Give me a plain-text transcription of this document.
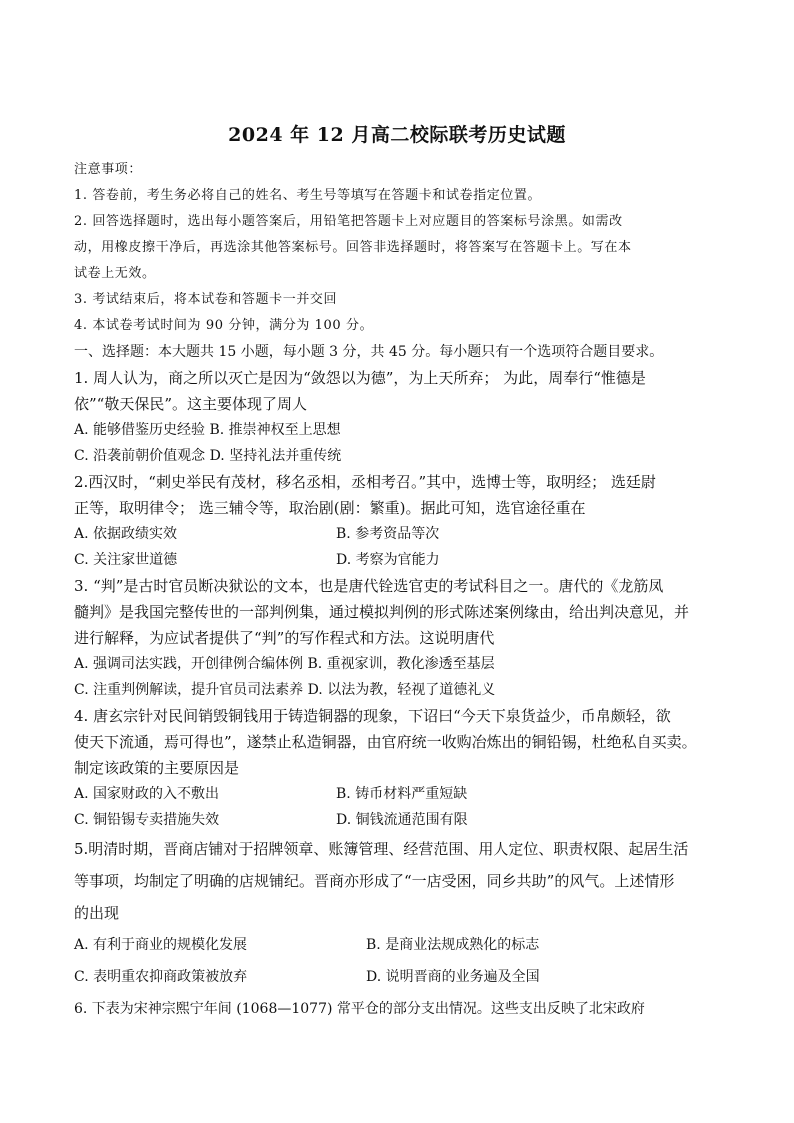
2024 年 12 月高二校际联考历史试题
注意事项：
1. 答卷前，考生务必将自己的姓名、考生号等填写在答题卡和试卷指定位置。
2. 回答选择题时，选出每小题答案后，用铅笔把答题卡上对应题目的答案标号涂黑。如需改
动，用橡皮擦干净后，再选涂其他答案标号。回答非选择题时，将答案写在答题卡上。写在本
试卷上无效。
3. 考试结束后，将本试卷和答题卡一并交回
4. 本试卷考试时间为 90 分钟，满分为 100 分。
一、选择题：本大题共 15 小题，每小题 3 分，共 45 分。每小题只有一个选项符合题目要求。
1. 周人认为，商之所以灭亡是因为“敛怨以为德”，为上天所弃； 为此，周奉行“惟德是
依”“敬天保民”。这主要体现了周人
A. 能够借鉴历史经验 B. 推崇神权至上思想
C. 沿袭前朝价值观念 D. 坚持礼法并重传统
2.西汉时，“刺史举民有茂材，移名丞相，丞相考召。”其中，选博士等，取明经； 选廷尉
正等，取明律令； 选三辅令等，取治剧(剧：繁重)。据此可知，选官途径重在
A. 依据政绩实效	B. 参考资品等次
C. 关注家世道德	D. 考察为官能力
3. “判”是古时官员断决狱讼的文本，也是唐代铨选官吏的考试科目之一。唐代的《龙筋凤
髓判》是我国完整传世的一部判例集，通过模拟判例的形式陈述案例缘由，给出判决意见，并
进行解释，为应试者提供了“判”的写作程式和方法。这说明唐代
A. 强调司法实践，开创律例合编体例 B. 重视家训，教化渗透至基层
C. 注重判例解读，提升官员司法素养 D. 以法为教，轻视了道德礼义
4. 唐玄宗针对民间销毁铜钱用于铸造铜器的现象，下诏曰“今天下泉货益少，币帛颇轻，欲
使天下流通，焉可得也”，遂禁止私造铜器，由官府统一收购冶炼出的铜铅锡，杜绝私自买卖。
制定该政策的主要原因是
A. 国家财政的入不敷出	B. 铸币材料严重短缺
C. 铜铅锡专卖措施失效	D. 铜钱流通范围有限
5.明清时期，晋商店铺对于招牌领章、账簿管理、经营范围、用人定位、职责权限、起居生活
等事项，均制定了明确的店规铺纪。晋商亦形成了“一店受困，同乡共助”的风气。上述情形
的出现
A. 有利于商业的规模化发展	B. 是商业法规成熟化的标志
C. 表明重农抑商政策被放弃	D. 说明晋商的业务遍及全国
6. 下表为宋神宗熙宁年间 (1068—1077) 常平仓的部分支出情况。这些支出反映了北宋政府
